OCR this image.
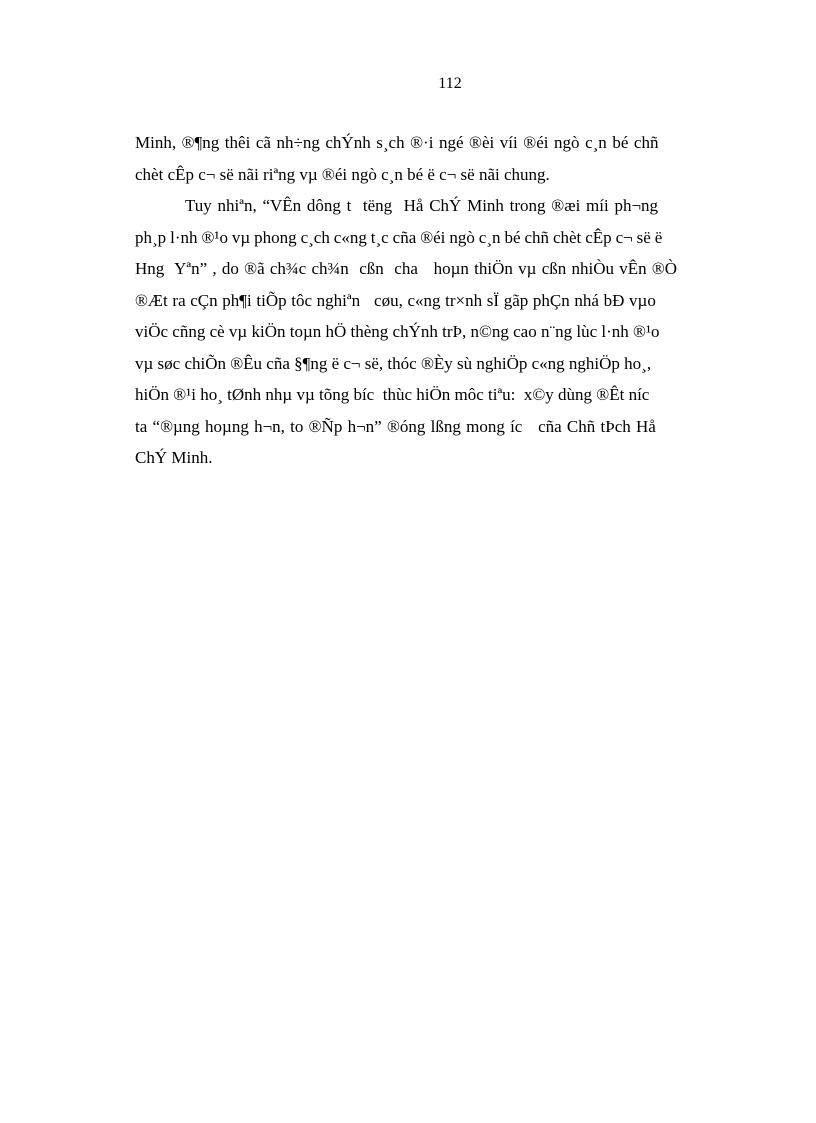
112
Minh, ®¶ng thêi cã nh÷ng chÝnh s¸ch ®·i ngé ®èi víi ®éi ngò c¸n bé chñ
chèt cÊp c¬ së nãi riªng vµ ®éi ngò c¸n bé ë c¬ së nãi chung.
Tuy nhiªn, “VÊn dông t  tëng  Hå ChÝ Minh trong ®æi míi ph¬ng
ph¸p l·nh ®¹o vµ phong c¸ch c«ng t¸c cña ®éi ngò c¸n bé chñ chèt cÊp c¬ së ë
Hng  Yªn” , do ®ã ch¾c ch¾n  cßn  cha   hoµn thiÖn vµ cßn nhiÒu vÊn ®Ò
®Æt ra cÇn ph¶i tiÕp tôc nghiªn   cøu, c«ng tr×nh sÏ gãp phÇn nhá bÐ vµo
viÖc cñng cè vµ kiÖn toµn hÖ thèng chÝnh trÞ, n©ng cao n¨ng lùc l·nh ®¹o
vµ søc chiÕn ®Êu cña §¶ng ë c¬ së, thóc ®Èy sù nghiÖp c«ng nghiÖp ho¸,
hiÖn ®¹i ho¸ tØnh nhµ vµ tõng bíc  thùc hiÖn môc tiªu:  x©y dùng ®Êt níc
ta “®µng hoµng h¬n, to ®Ñp h¬n” ®óng lßng mong íc   cña Chñ tÞch Hå
ChÝ Minh.
